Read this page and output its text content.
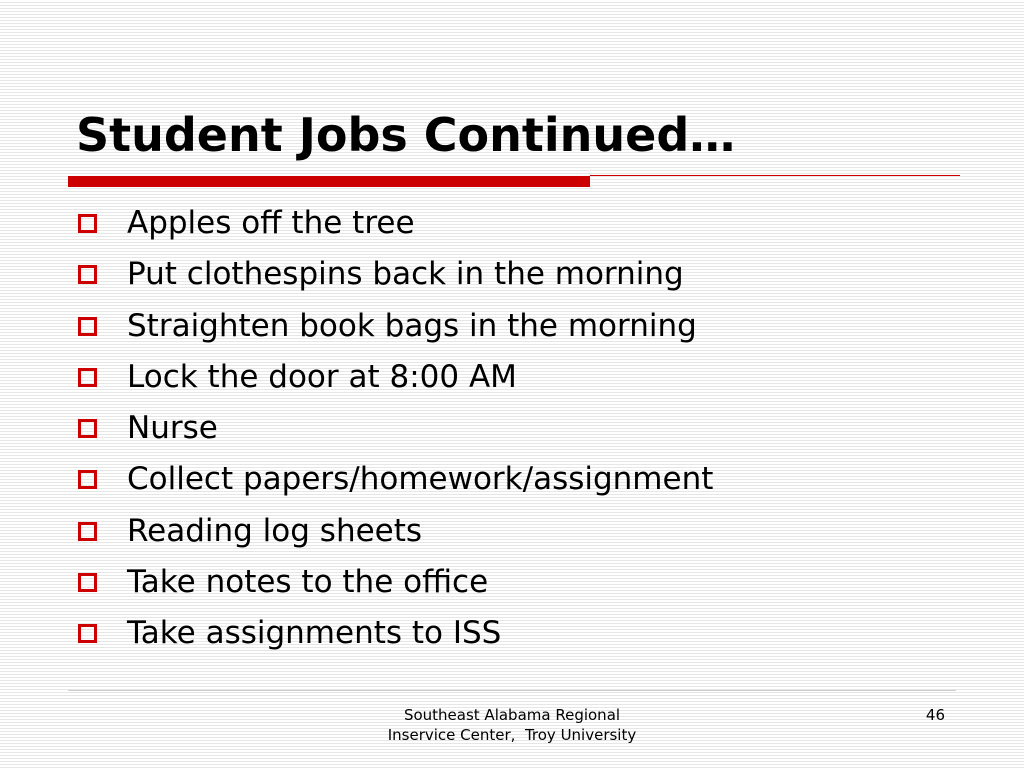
Student Jobs Continued…
Apples off the tree
Put clothespins back in the morning
Straighten book bags in the morning
Lock the door at 8:00 AM
Nurse
Collect papers/homework/assignment
Reading log sheets
Take notes to the office
Take assignments to ISS
Southeast Alabama Regional
Inservice Center,  Troy University
46
